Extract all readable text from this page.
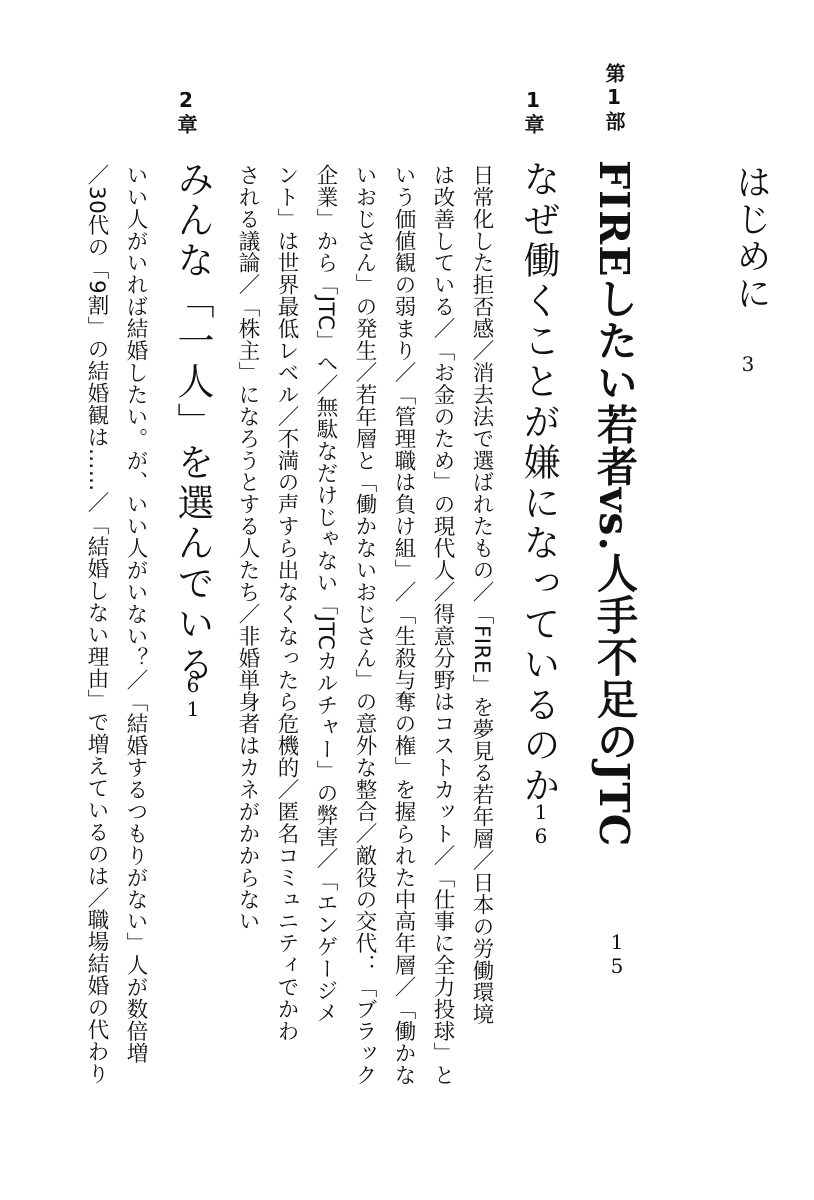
はじめに
3
第1部
FIREしたい若者vs.人手不足のJTC
15
1章
なぜ働くことが嫌になっているのか
16
日常化した拒否感／消去法で選ばれたもの／「FIRE」を夢見る若年層／日本の労働環境
は改善している／「お金のため」の現代人／得意分野はコストカット／「仕事に全力投球」と
いう価値観の弱まり／「管理職は負け組」／「生殺与奪の権」を握られた中高年層／「働かな
いおじさん」の発生／若年層と「働かないおじさん」の意外な整合／敵役の交代：「ブラック
企業」から「JTC」へ／無駄なだけじゃない「JTCカルチャー」の弊害／「エンゲージメ
ント」は世界最低レベル／不満の声すら出なくなったら危機的／匿名コミュニティでかわ
される議論／「株主」になろうとする人たち／非婚単身者はカネがかからない
2章
みんな「一人」を選んでいる
61
いい人がいれば結婚したい。が、いい人がいない？／「結婚するつもりがない」人が数倍増
／30代の「9割」の結婚観は……／「結婚しない理由」で増えているのは／職場結婚の代わり
